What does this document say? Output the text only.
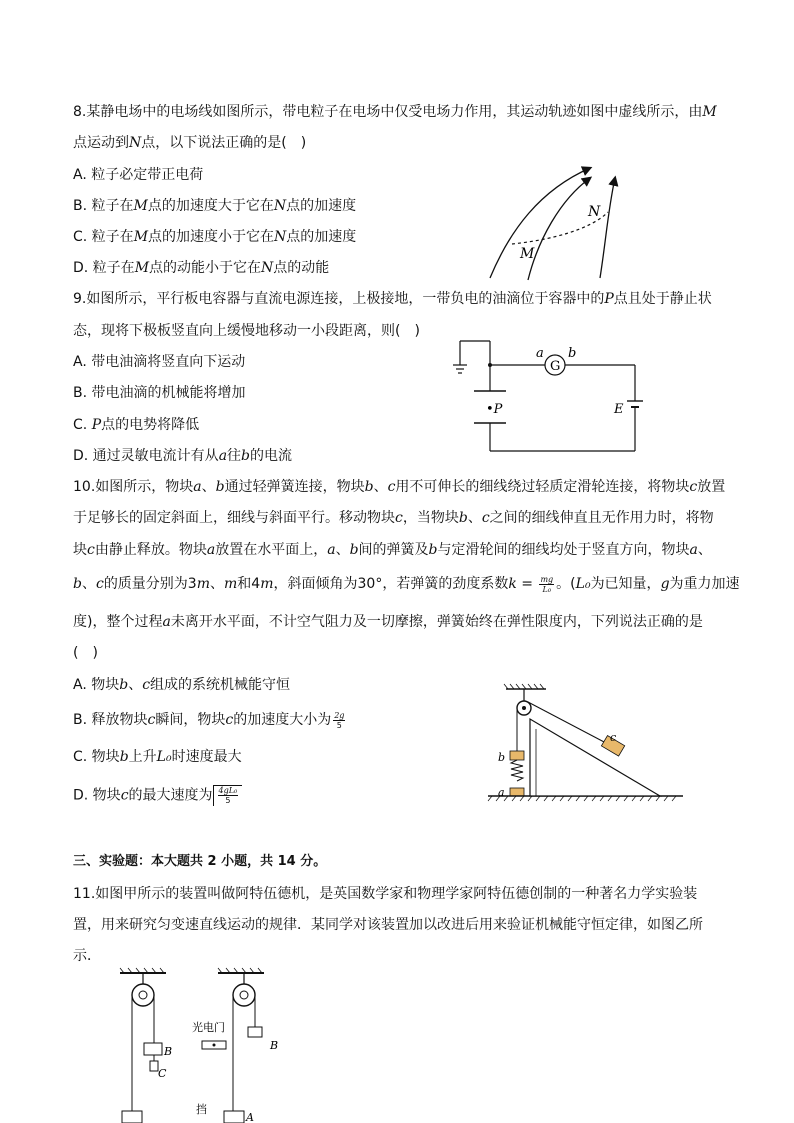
8.某静电场中的电场线如图所示，带电粒子在电场中仅受电场力作用，其运动轨迹如图中虚线所示，由M
点运动到N点，以下说法正确的是(　)
A. 粒子必定带正电荷
B. 粒子在M点的加速度大于它在N点的加速度
C. 粒子在M点的加速度小于它在N点的加速度
D. 粒子在M点的动能小于它在N点的动能
M
N
9.如图所示，平行板电容器与直流电源连接，上极接地，一带负电的油滴位于容器中的P点且处于静止状
态，现将下极板竖直向上缓慢地移动一小段距离，则(　)
A. 带电油滴将竖直向下运动
B. 带电油滴的机械能将增加
C. P点的电势将降低
D. 通过灵敏电流计有从a往b的电流
G
•P	E
a b
10.如图所示，物块a、b通过轻弹簧连接，物块b、c用不可伸长的细线绕过轻质定滑轮连接，将物块c放置
于足够长的固定斜面上，细线与斜面平行。移动物块c，当物块b、c之间的细线伸直且无作用力时，将物
块c由静止释放。物块a放置在水平面上，a、b间的弹簧及b与定滑轮间的细线均处于竖直方向，物块a、
b、c的质量分别为3m、m和4m，斜面倾角为30°，若弹簧的劲度系数$k = \frac{mg}{\text{L₀}}$ 。(L₀为已知量，g为重力加速
度)，整个过程a未离开水平面，不计空气阻力及一切摩擦，弹簧始终在弹性限度内，下列说法正确的是
(　)
A. 物块b、c组成的系统机械能守恒
B. 释放物块c瞬间，物块c的加速度大小为 $\frac{2g}{5}$
C. 物块b上升L₀时速度最大
D. 物块c的最大速度为 $\frac{\text{4gL₀}}{5}$
c
b
a
三、实验题：本大题共 2 小题，共 14 分。
11.如图甲所示的装置叫做阿特伍德机，是英国数学家和物理学家阿特伍德创制的一种著名力学实验装
置，用来研究匀变速直线运动的规律．某同学对该装置加以改进后用来验证机械能守恒定律，如图乙所
示．
B
C
B
光电门
挡
A
